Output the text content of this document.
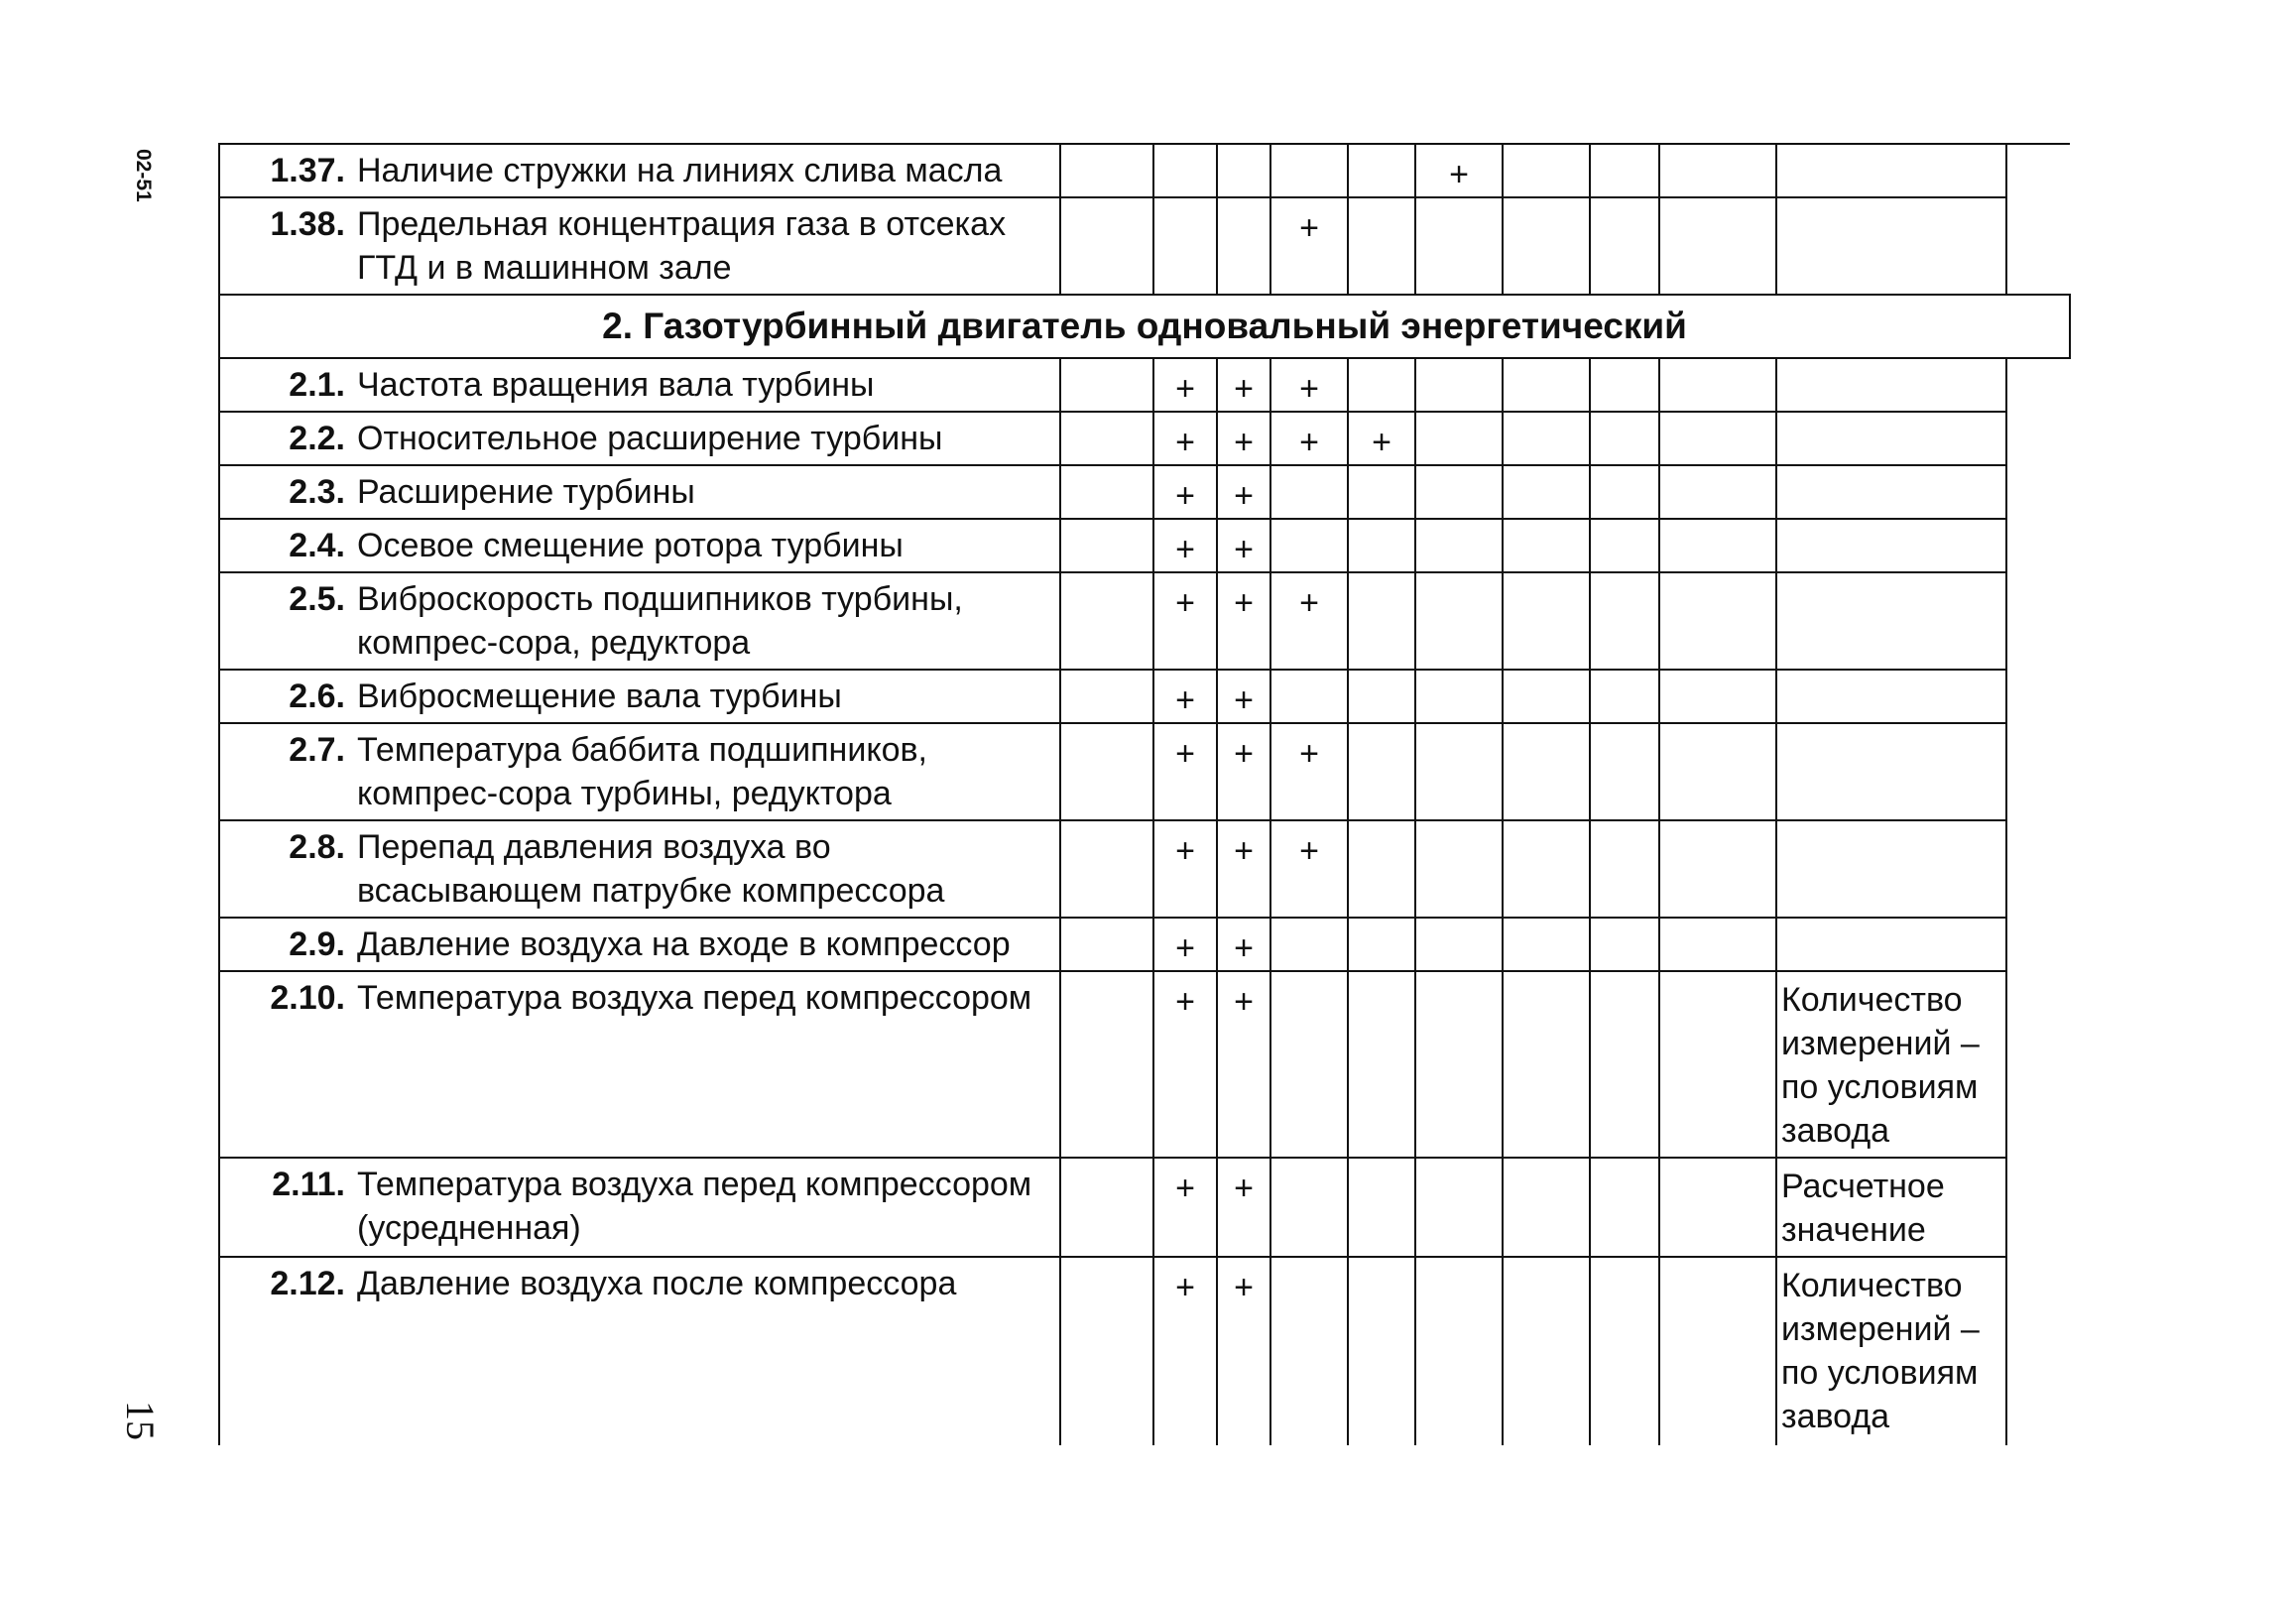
02-51	1.37. Наличие стружки на линиях слива масла						+				

1.38. Предельная концентрация газа в отсеках ГТД и в машинном зале				+						
2. Газотурбинный двигатель одновальный энергетический										

2.1. Частота вращения вала турбины		+	+	+						

2.2. Относительное расширение турбины		+	+	+	+					

2.3. Расширение турбины		+	+							

2.4. Осевое смещение ротора турбины		+	+							

2.5. Виброскорость подшипников турбины, компрес-сора, редуктора		+	+	+						

2.6. Вибросмещение вала турбины		+	+							

2.7. Температура баббита подшипников, компрес-сора турбины, редуктора		+	+	+						

2.8. Перепад давления воздуха во всасывающем патрубке компрессора		+	+	+						

2.9. Давление воздуха на входе в компрессор		+	+							

2.10. Температура воздуха перед компрессором		+	+							Количество измерений – по условиям завода

2.11. Температура воздуха перед компрессором (усредненная)		+	+							Расчетное значение

2.12. Давление воздуха после компрессора		+	+							Количество измерений – по условиям завода
15
